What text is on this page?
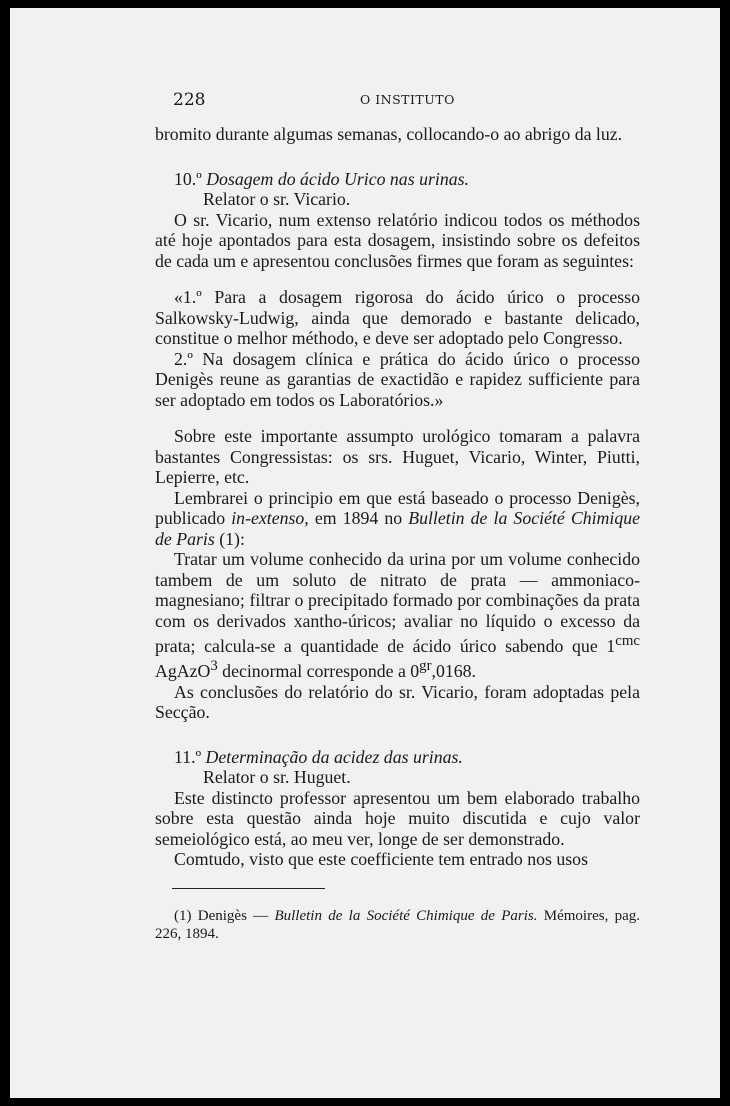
228	O INSTITUTO

bromito durante algumas semanas, collocando-o ao abrigo da luz.

10.º Dosagem do ácido Urico nas urinas.

Relator o sr. Vicario.

O sr. Vicario, num extenso relatório indicou todos os méthodos até hoje apontados para esta dosagem, insistindo sobre os defeitos de cada um e apresentou conclusões firmes que foram as seguintes:

«1.º Para a dosagem rigorosa do ácido úrico o processo Salkowsky-Ludwig, ainda que demorado e bastante delicado, constitue o melhor méthodo, e deve ser adoptado pelo Congresso.

2.º Na dosagem clínica e prática do ácido úrico o processo Denigès reune as garantias de exactidão e rapidez sufficiente para ser adoptado em todos os Laboratórios.»

Sobre este importante assumpto urológico tomaram a palavra bastantes Congressistas: os srs. Huguet, Vicario, Winter, Piutti, Lepierre, etc.

Lembrarei o principio em que está baseado o processo Denigès, publicado in-extenso, em 1894 no Bulletin de la Société Chimique de Paris (1):

Tratar um volume conhecido da urina por um volume conhecido tambem de um soluto de nitrato de prata — ammoniaco-magnesiano; filtrar o precipitado formado por combinações da prata com os derivados xantho-úricos; avaliar no líquido o excesso da prata; calcula-se a quantidade de ácido úrico sabendo que $1^{cmc}$ AgAzO$^3$ decinormal corresponde a $0^{gr},0168$.

As conclusões do relatório do sr. Vicario, foram adoptadas pela Secção.

11.º Determinação da acidez das urinas.

Relator o sr. Huguet.

Este distincto professor apresentou um bem elaborado trabalho sobre esta questão ainda hoje muito discutida e cujo valor semeiológico está, ao meu ver, longe de ser demonstrado.

Comtudo, visto que este coefficiente tem entrado nos usos

(1) Denigès — Bulletin de la Société Chimique de Paris. Mémoires, pag. 226, 1894.
